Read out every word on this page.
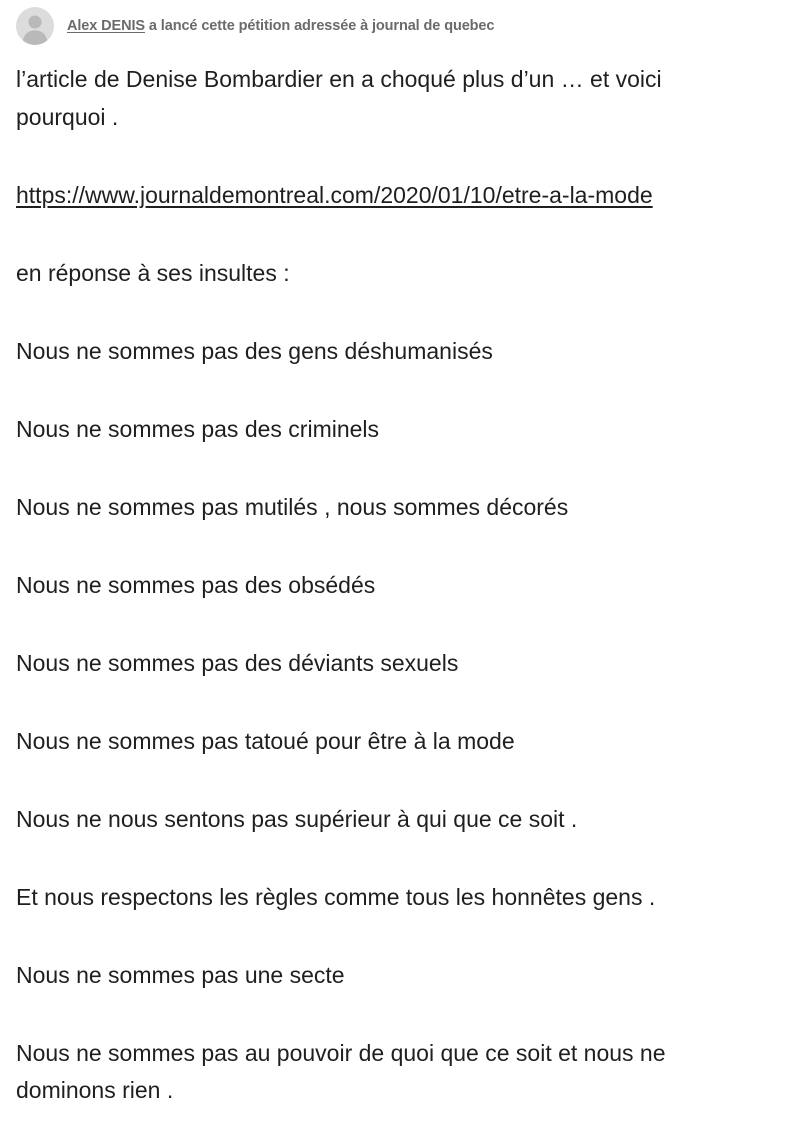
Alex DENIS a lancé cette pétition adressée à journal de quebec

l’article de Denise Bombardier en a choqué plus d’un … et voici

pourquoi .

https://www.journaldemontreal.com/2020/01/10/etre-a-la-mode

en réponse à ses insultes :

Nous ne sommes pas des gens déshumanisés

Nous ne sommes pas des criminels

Nous ne sommes pas mutilés , nous sommes décorés

Nous ne sommes pas des obsédés

Nous ne sommes pas des déviants sexuels

Nous ne sommes pas tatoué pour être à la mode

Nous ne nous sentons pas supérieur à qui que ce soit .

Et nous respectons les règles comme tous les honnêtes gens .

Nous ne sommes pas une secte

Nous ne sommes pas au pouvoir de quoi que ce soit et nous ne

dominons rien .
